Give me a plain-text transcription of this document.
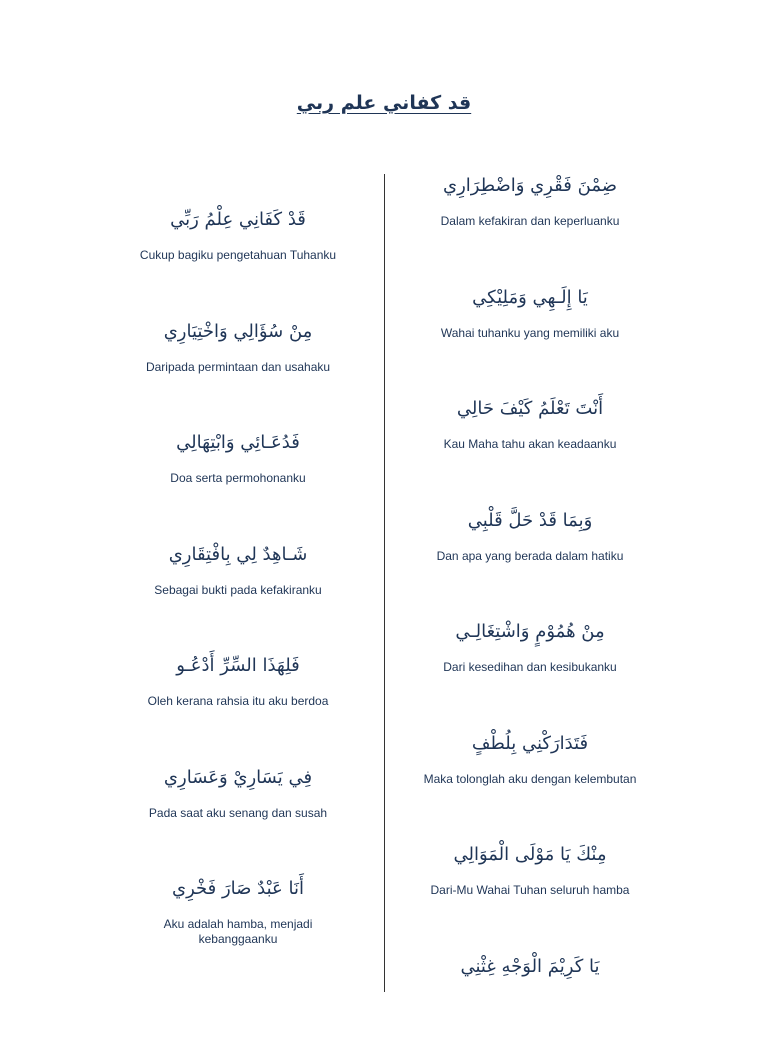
قد كفاني علم ربي
قَدْ كَفَانِي عِلْمُ رَبِّي
Cukup bagiku pengetahuan Tuhanku
مِنْ سُؤَالِي وَاخْتِيَارِي
Daripada permintaan dan usahaku
فَدُعَـائِي وَابْتِهَالِي
Doa serta permohonanku
شَـاهِدٌ لِي بِافْتِقَارِي
Sebagai bukti pada kefakiranku
فَلِهَذَا السِّرِّ أَدْعُـو
Oleh kerana rahsia itu aku berdoa
فِي يَسَارِيْ وَعَسَارِي
Pada saat aku senang dan susah
أَنَا عَبْدٌ صَارَ فَخْرِي
Aku adalah hamba, menjadi kebanggaanku
ضِمْنَ فَقْرِي وَاضْطِرَارِي
Dalam kefakiran dan keperluanku
يَا إِلَـهِي وَمَلِيْكِي
Wahai tuhanku yang memiliki aku
أَنْتَ تَعْلَمُ كَيْفَ حَالِي
Kau Maha tahu akan keadaanku
وَبِمَا قَدْ حَلَّ قَلْبِي
Dan apa yang berada dalam hatiku
مِنْ هُمُوْمٍ وَاشْتِغَالِـي
Dari kesedihan dan kesibukanku
فَتَدَارَكْنِي بِلُطْفٍ
Maka tolonglah aku dengan kelembutan
مِنْكَ يَا مَوْلَى الْمَوَالِي
Dari-Mu Wahai Tuhan seluruh hamba
يَا كَرِيْمَ الْوَجْهِ غِثْنِي
